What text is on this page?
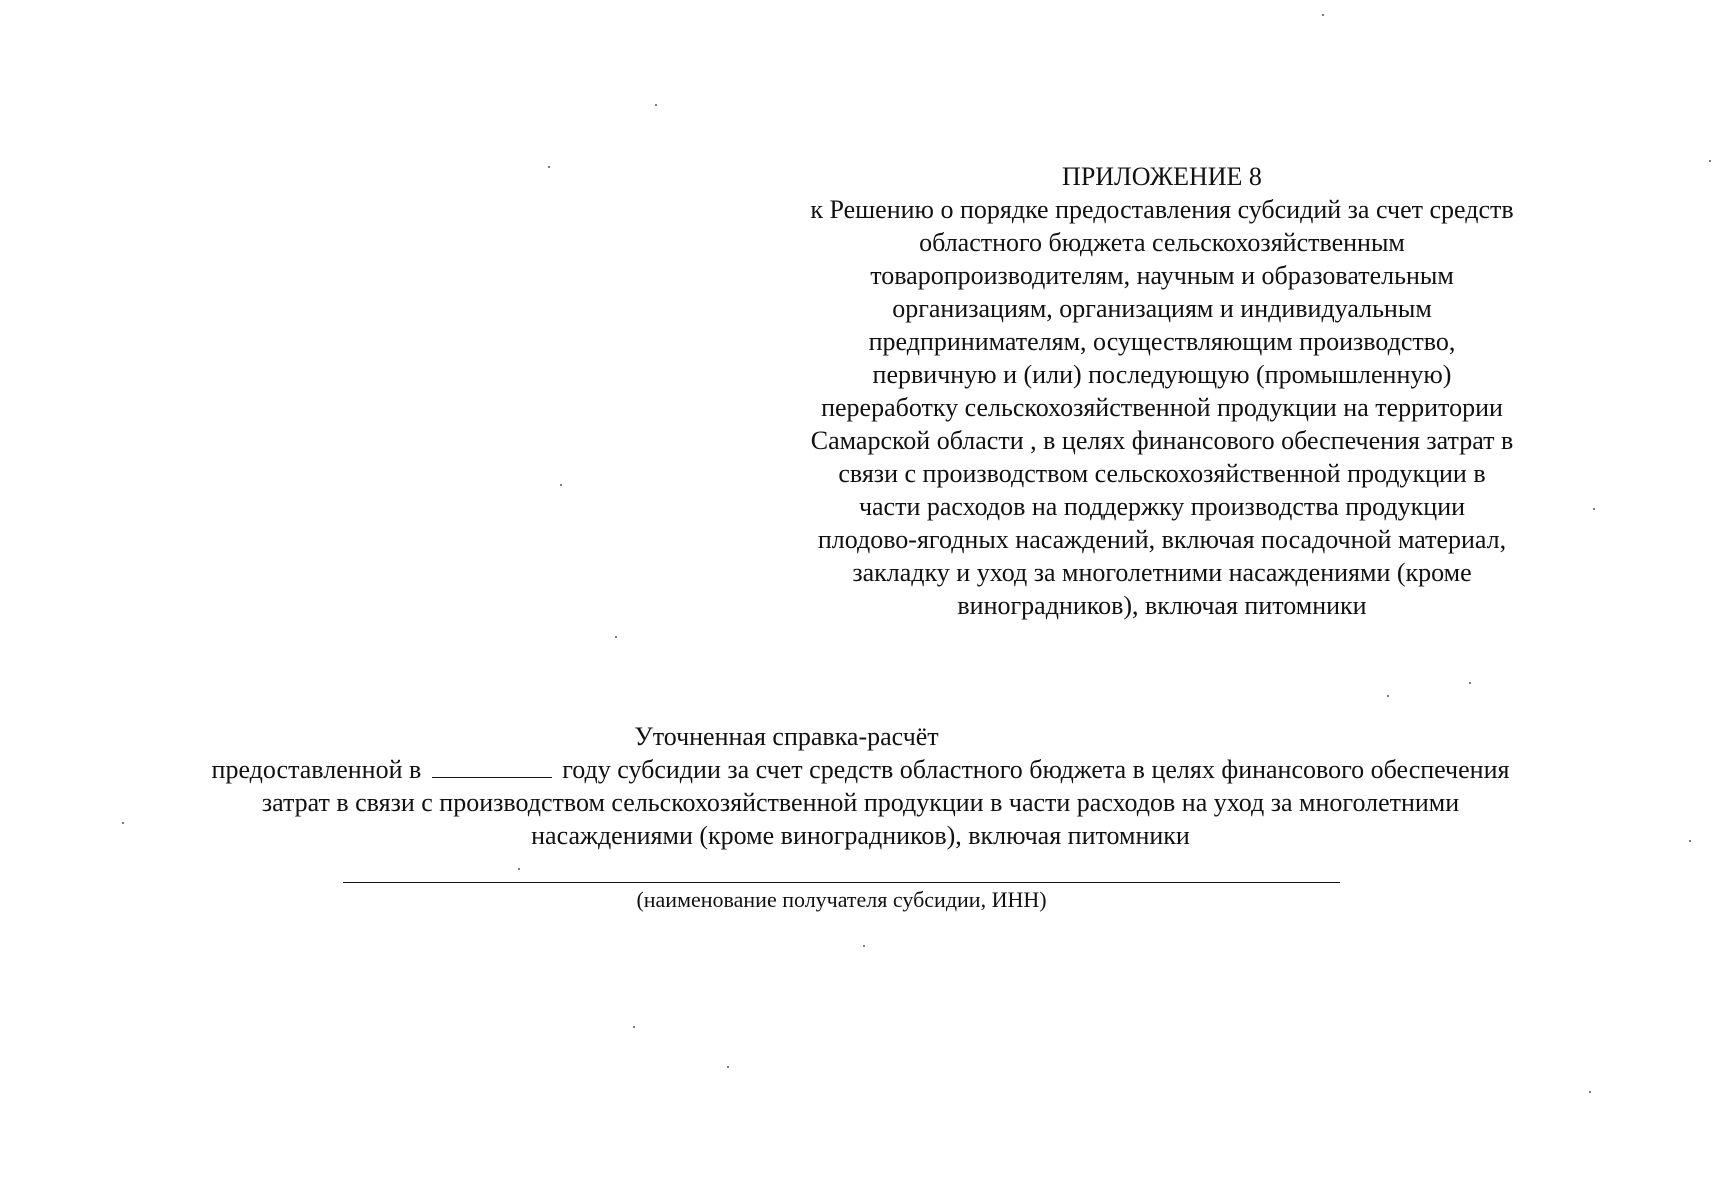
ПРИЛОЖЕНИЕ 8
к Решению о порядке предоставления субсидий за счет средств
областного бюджета сельскохозяйственным
товаропроизводителям, научным и образовательным
организациям, организациям и индивидуальным
предпринимателям, осуществляющим производство,
первичную и (или) последующую (промышленную)
переработку сельскохозяйственной продукции на территории
Самарской области , в целях финансового обеспечения затрат в
связи с производством сельскохозяйственной продукции в
части расходов на поддержку производства продукции
плодово-ягодных насаждений, включая посадочной материал,
закладку и уход за многолетними насаждениями (кроме
виноградников), включая питомники
Уточненная справка-расчёт
предоставленной в	году субсидии за счет средств областного бюджета в целях финансового обеспечения
затрат в связи с производством сельскохозяйственной продукции в части расходов на уход за многолетними
насаждениями (кроме виноградников), включая питомники
(наименование получателя субсидии, ИНН)
